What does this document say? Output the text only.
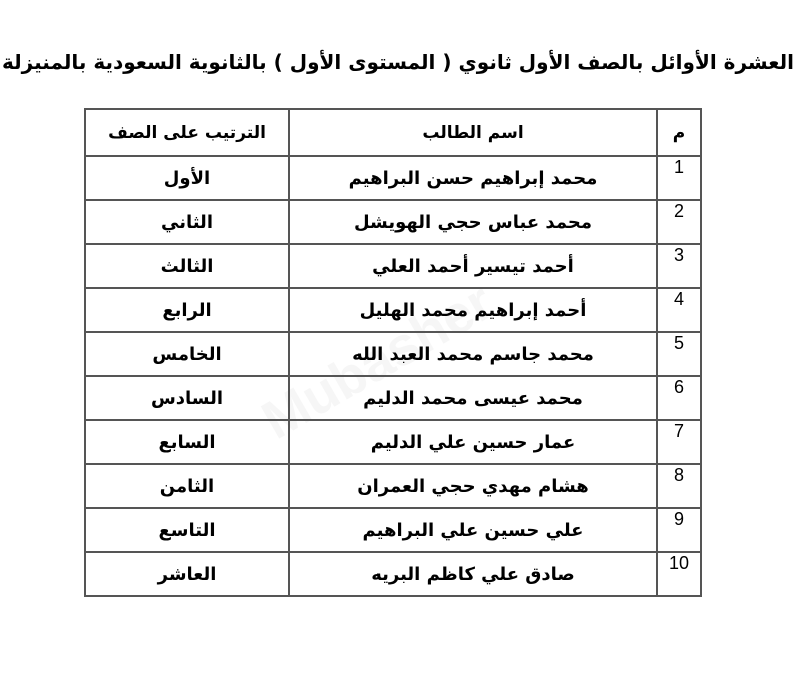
العشرة الأوائل بالصف الأول ثانوي ( المستوى الأول ) بالثانوية السعودية بالمنيزلة
م	اسم الطالب	الترتيب على الصف
1	محمد إبراهيم حسن البراهيم	الأول
2	محمد عباس حجي الهويشل	الثاني
3	أحمد تيسير أحمد العلي	الثالث
4	أحمد إبراهيم محمد الهليل	الرابع
5	محمد جاسم محمد العبد الله	الخامس
6	محمد عيسى محمد الدليم	السادس
7	عمار حسين علي الدليم	السابع
8	هشام مهدي حجي العمران	الثامن
9	علي حسين علي البراهيم	التاسع
10	صادق علي كاظم البريه	العاشر
